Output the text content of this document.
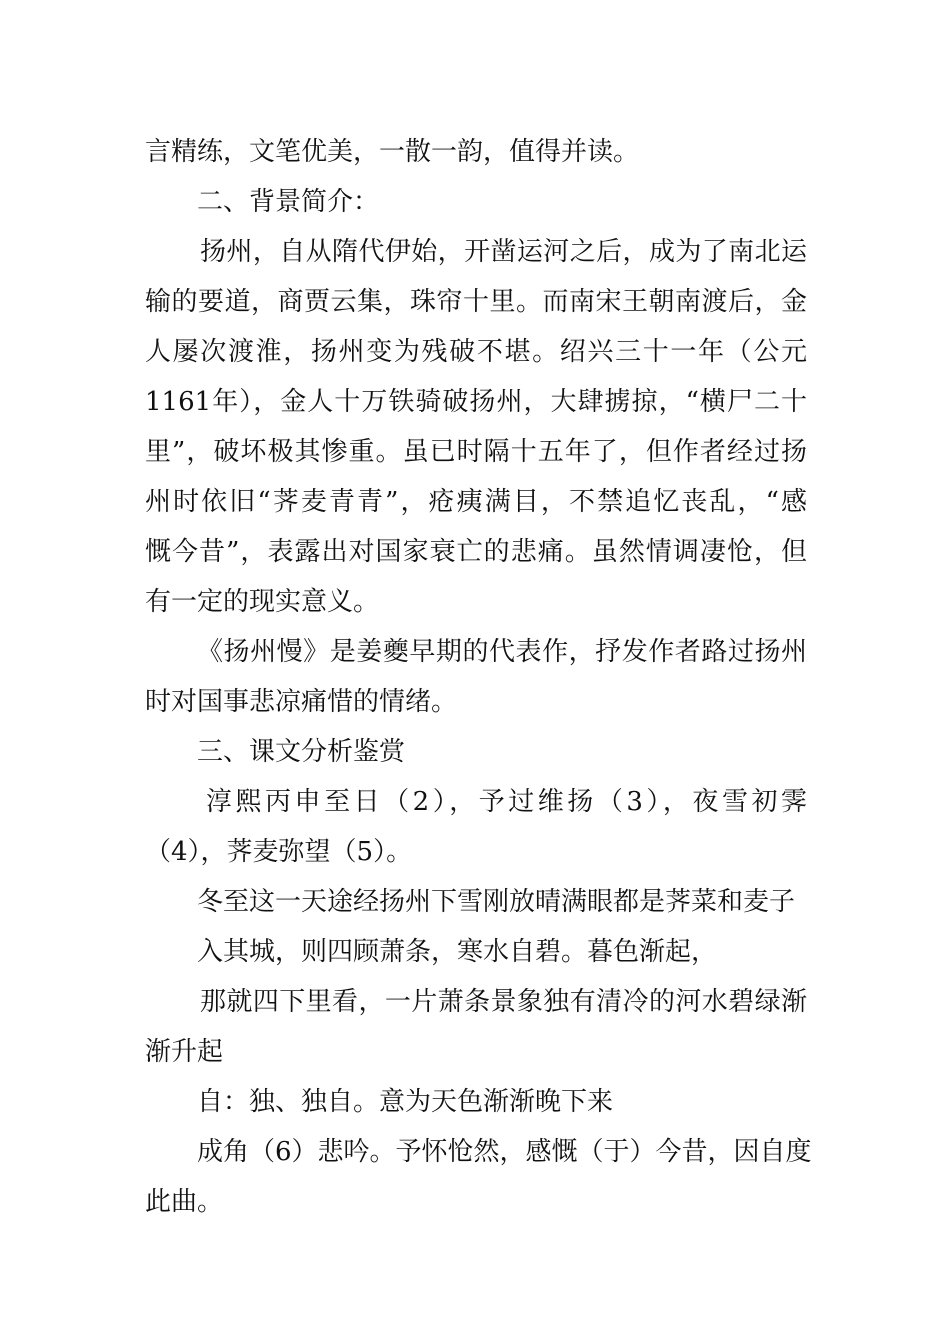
言精练，文笔优美，一散一韵，值得并读。
二、背景简介：
扬州，自从隋代伊始，开凿运河之后，成为了南北运
输的要道，商贾云集，珠帘十里。而南宋王朝南渡后，金
人屡次渡淮，扬州变为残破不堪。绍兴三十一年（公元
1161年），金人十万铁骑破扬州，大肆掳掠，“横尸二十
里”，破坏极其惨重。虽已时隔十五年了，但作者经过扬
州时依旧“荠麦青青”，疮痍满目，不禁追忆丧乱，“感
慨今昔”，表露出对国家衰亡的悲痛。虽然情调凄怆，但
有一定的现实意义。
《扬州慢》是姜夔早期的代表作，抒发作者路过扬州
时对国事悲凉痛惜的情绪。
三、课文分析鉴赏
淳熙丙申至日（2），予过维扬（3），夜雪初霁
（4），荠麦弥望（5）。
冬至这一天途经扬州下雪刚放晴满眼都是荠菜和麦子
入其城，则四顾萧条，寒水自碧。暮色渐起，
那就四下里看，一片萧条景象独有清冷的河水碧绿渐
渐升起
自：独、独自。意为天色渐渐晚下来
成角（6）悲吟。予怀怆然，感慨（于）今昔，因自度
此曲。
